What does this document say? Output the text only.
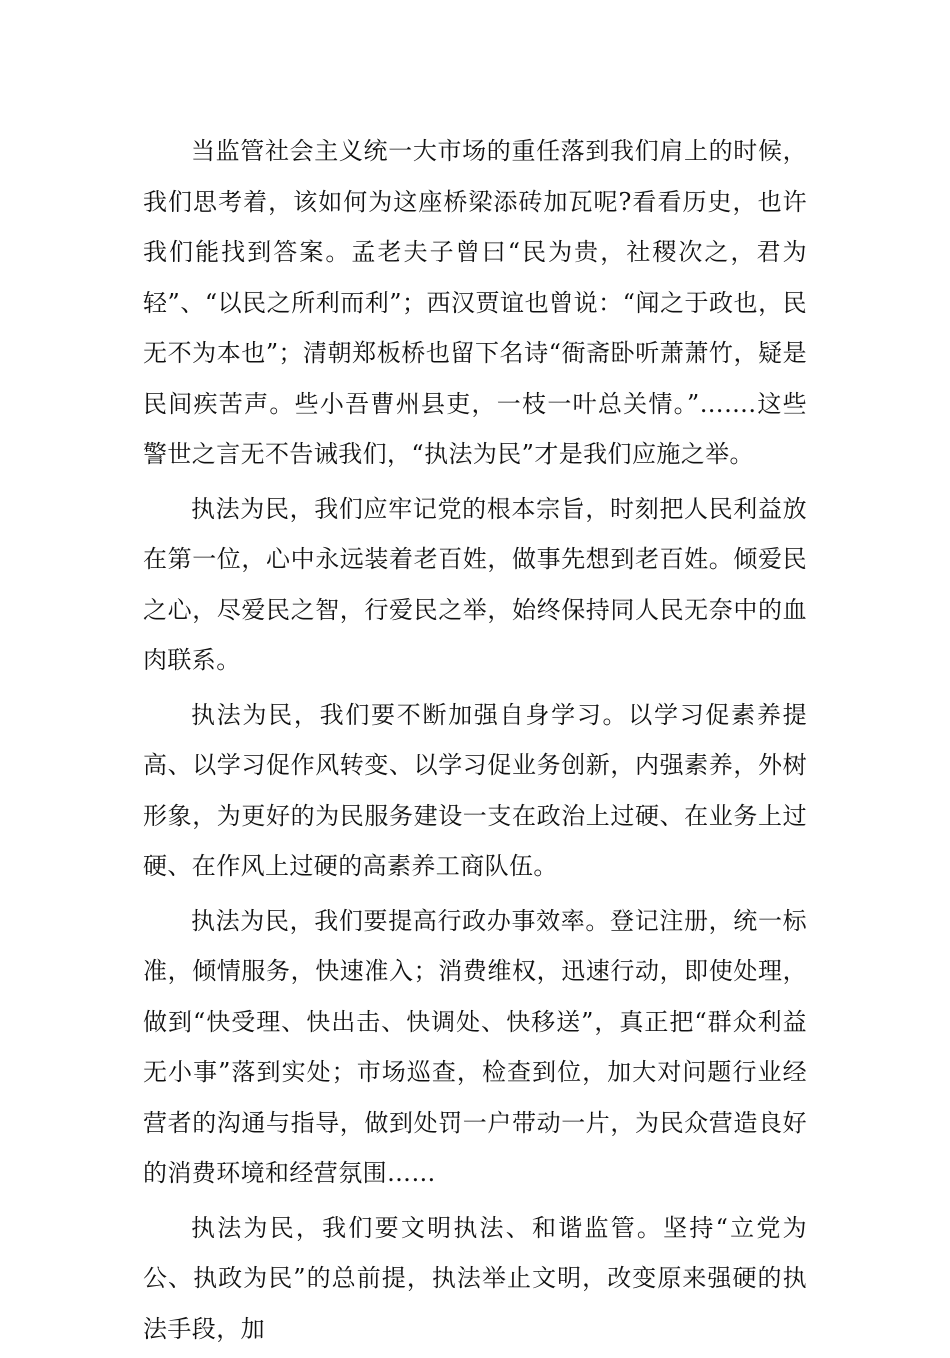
当监管社会主义统一大市场的重任落到我们肩上的时候，我们思考着，该如何为这座桥梁添砖加瓦呢?看看历史，也许我们能找到答案。孟老夫子曾曰“民为贵，社稷次之，君为轻”、“以民之所利而利”；西汉贾谊也曾说：“闻之于政也，民无不为本也”；清朝郑板桥也留下名诗“衙斋卧听萧萧竹，疑是民间疾苦声。些小吾曹州县吏，一枝一叶总关情。”…….这些警世之言无不告诫我们，“执法为民”才是我们应施之举。

执法为民，我们应牢记党的根本宗旨，时刻把人民利益放在第一位，心中永远装着老百姓，做事先想到老百姓。倾爱民之心，尽爱民之智，行爱民之举，始终保持同人民无奈中的血肉联系。

执法为民，我们要不断加强自身学习。以学习促素养提高、以学习促作风转变、以学习促业务创新，内强素养，外树形象，为更好的为民服务建设一支在政治上过硬、在业务上过硬、在作风上过硬的高素养工商队伍。

执法为民，我们要提高行政办事效率。登记注册，统一标准，倾情服务，快速准入；消费维权，迅速行动，即使处理，做到“快受理、快出击、快调处、快移送”，真正把“群众利益无小事”落到实处；市场巡查，检查到位，加大对问题行业经营者的沟通与指导，做到处罚一户带动一片，为民众营造良好的消费环境和经营氛围……

执法为民，我们要文明执法、和谐监管。坚持“立党为公、执政为民”的总前提，执法举止文明，改变原来强硬的执法手段，加
